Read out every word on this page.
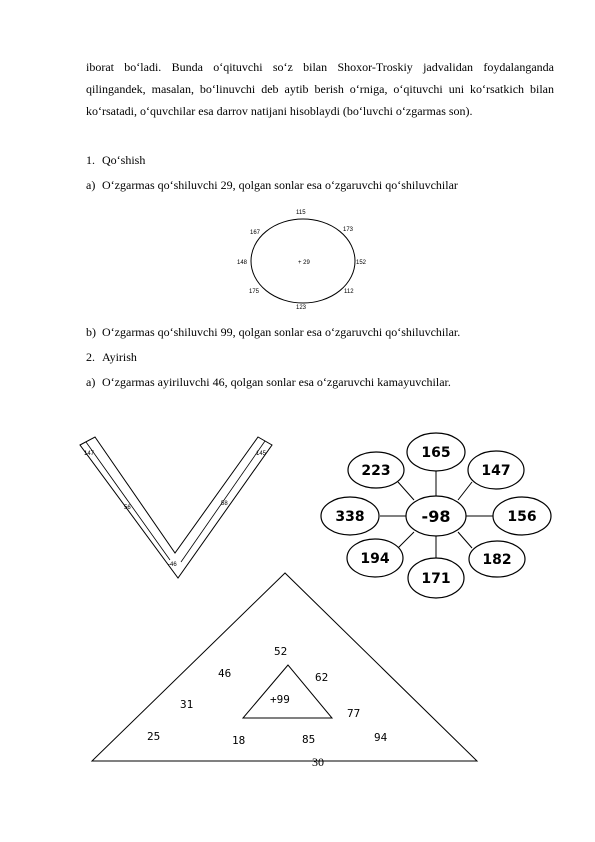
iborat bo‘ladi. Bunda o‘qituvchi so‘z bilan Shoxor-Troskiy jadvalidan foydalanganda qilingandek, masalan, bo‘linuvchi deb aytib berish o‘rniga, o‘qituvchi uni ko‘rsatkich bilan ko‘rsatadi, o‘quvchilar esa darrov natijani hisoblaydi (bo‘luvchi o‘zgarmas son).
1. Qo‘shish
a) O‘zgarmas qo‘shiluvchi 29, qolgan sonlar esa o‘zgaruvchi qo‘shiluvchilar
+ 29
115
173
152
112
123
175
148
167
b) O‘zgarmas qo‘shiluvchi 99, qolgan sonlar esa o‘zgaruvchi qo‘shiluvchilar.
2. Ayirish
a) O‘zgarmas ayiriluvchi 46, qolgan sonlar esa o‘zgaruvchi kamayuvchilar.
147	145
56
58
-46
-98
165
147
156
182
171
194
338
223
+99
52
46	62
31
77
25	18	85	94
30
